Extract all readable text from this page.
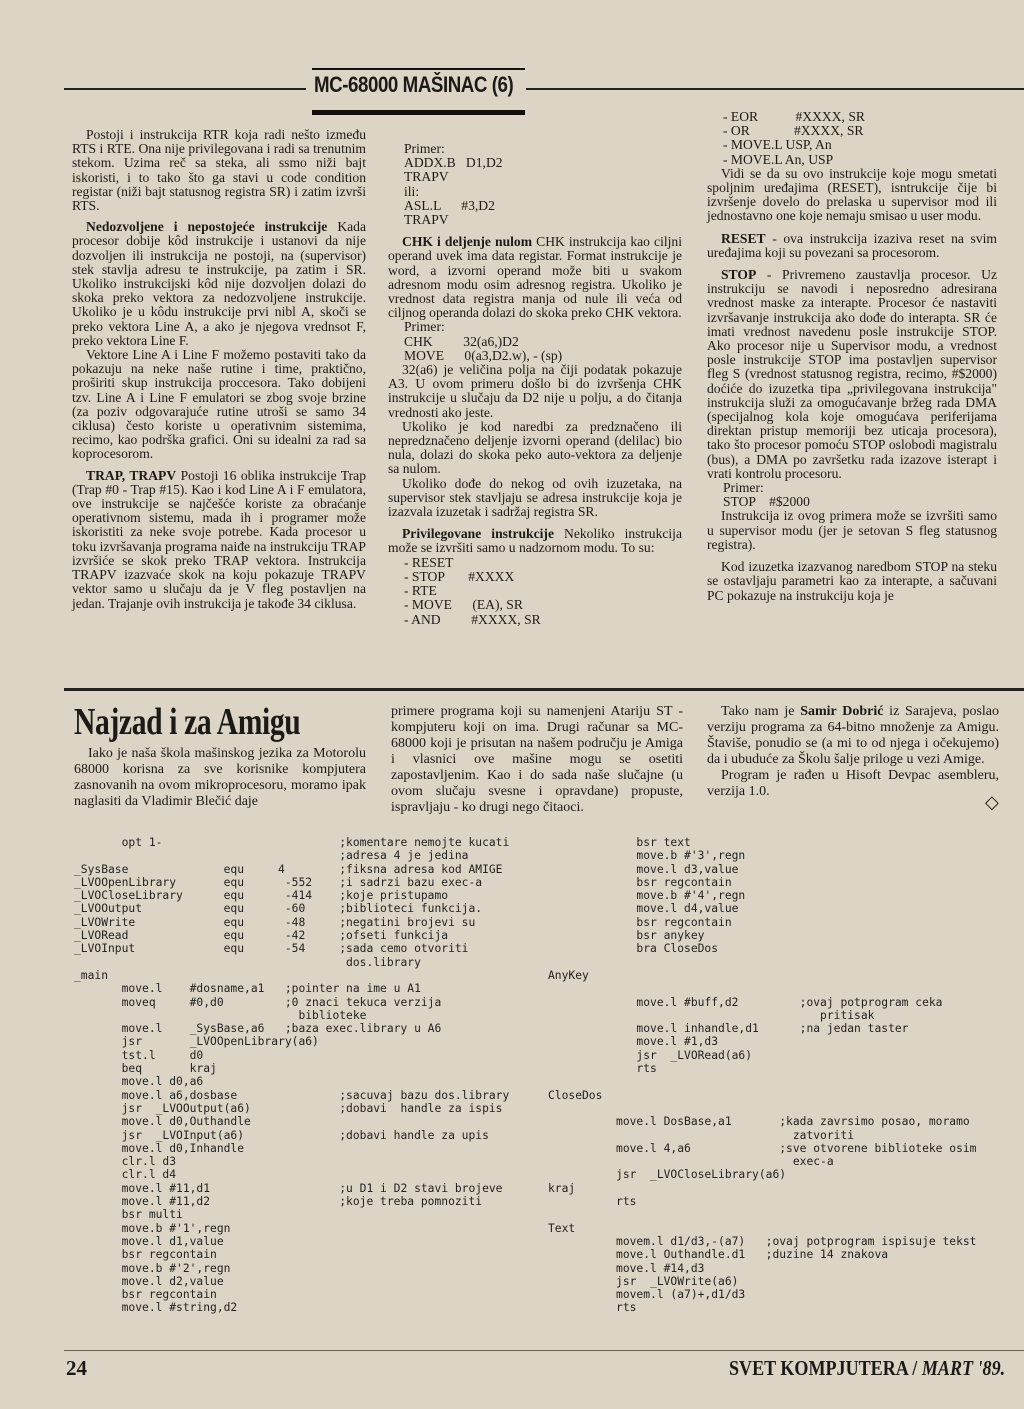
MC-68000 MAŠINAC (6)

Postoji i instrukcija RTR koja radi nešto između RTS i RTE. Ona nije privilegovana i radi sa trenutnim stekom. Uzima reč sa steka, ali ssmo niži bajt iskoristi, i to tako što ga stavi u code condition registar (niži bajt statusnog registra SR) i zatim izvrši RTS.

Nedozvoljene i nepostojeće instrukcije Kada procesor dobije kôd instrukcije i ustanovi da nije dozvoljen ili instrukcija ne postoji, na (supervisor) stek stavlja adresu te instrukcije, pa zatim i SR. Ukoliko instrukcijski kôd nije dozvoljen dolazi do skoka preko vektora za nedozvoljene instrukcije. Ukoliko je u kôdu instrukcije prvi nibl A, skoči se preko vektora Line A, a ako je njegova vrednsot F, preko vektora Line F.

Vektore Line A i Line F možemo postaviti tako da pokazuju na neke naše rutine i time, praktično, proširiti skup instrukcija proccesora. Tako dobijeni tzv. Line A i Line F emulatori se zbog svoje brzine (za poziv odgovarajuće rutine utroši se samo 34 ciklusa) često koriste u operativnim sistemima, recimo, kao podrška grafici. Oni su idealni za rad sa koprocesorom.

TRAP, TRAPV Postoji 16 oblika instrukcije Trap (Trap #0 - Trap #15). Kao i kod Line A i F emulatora, ove instrukcije se najčešće koriste za obraćanje operativnom sistemu, mada ih i programer može iskoristiti za neke svoje potrebe. Kada procesor u toku izvršavanja programa naiđe na instrukciju TRAP izvršiće se skok preko TRAP vektora. Instrukcija TRAPV izazvaće skok na koju pokazuje TRAPV vektor samo u slučaju da je V fleg postavljen na jedan. Trajanje ovih instrukcija je takođe 34 ciklusa.

Primer:
ADDX.B   D1,D2
TRAPV
ili:
ASL.L      #3,D2
TRAPV

CHK i deljenje nulom CHK instrukcija kao ciljni operand uvek ima data registar. Format instrukcije je word, a izvorni operand može biti u svakom adresnom modu osim adresnog registra. Ukoliko je vrednost data registra manja od nule ili veća od ciljnog operanda dolazi do skoka preko CHK vektora.

Primer:
CHK         32(a6,)D2
MOVE      0(a3,D2.w), - (sp)

32(a6) je veličina polja na čiji podatak pokazuje A3. U ovom primeru došlo bi do izvršenja CHK instrukcije u slučaju da D2 nije u polju, a do čitanja vrednosti ako jeste.

Ukoliko je kod naredbi za predznačeno ili nepredznačeno deljenje izvorni operand (delilac) bio nula, dolazi do skoka peko auto-vektora za deljenje sa nulom.

Ukoliko dođe do nekog od ovih izuzetaka, na supervisor stek stavljaju se adresa instrukcije koja je izazvala izuzetak i sadržaj registra SR.

Privilegovane instrukcije Nekoliko instrukcija može se izvršiti samo u nadzornom modu. To su:

- RESET
- STOP       #XXXX
- RTE
- MOVE      (EA), SR
- AND         #XXXX, SR
- EOR           #XXXX, SR
- OR             #XXXX, SR
- MOVE.L USP, An
- MOVE.L An, USP

Vidi se da su ovo instrukcije koje mogu smetati spoljnim uređajima (RESET), isntrukcije čije bi izvršenje dovelo do prelaska u supervisor mod ili jednostavno one koje nemaju smisao u user modu.

RESET - ova instrukcija izaziva reset na svim uređajima koji su povezani sa procesorom.

STOP - Privremeno zaustavlja procesor. Uz instrukciju se navodi i neposredno adresirana vrednost maske za interapte. Procesor će nastaviti izvršavanje instrukcija ako dođe do interapta. SR će imati vrednost navedenu posle instrukcije STOP. Ako procesor nije u Supervisor modu, a vrednost posle instrukcije STOP ima postavljen supervisor fleg S (vrednost statusnog registra, recimo, #$2000) doćiće do izuzetka tipa „privilegovana instrukcija" instrukcija služi za omogućavanje bržeg rada DMA (specijalnog kola koje omogućava periferijama direktan pristup memoriji bez uticaja procesora), tako što procesor pomoću STOP oslobodi magistralu (bus), a DMA po završetku rada izazove isterapt i vrati kontrolu procesoru.

Primer:
STOP    #$2000

Instrukcija iz ovog primera može se izvršiti samo u supervisor modu (jer je setovan S fleg statusnog registra).

Kod izuzetka izazvanog naredbom STOP na steku se ostavljaju parametri kao za interapte, a sačuvani PC pokazuje na instrukciju koja je

Najzad i za Amigu

Iako je naša škola mašinskog jezika za Motorolu 68000 korisna za sve korisnike kompjutera zasnovanih na ovom mikroprocesoru, moramo ipak naglasiti da Vladimir Blečić daje

primere programa koji su namenjeni Atariju ST - kompjuteru koji on ima. Drugi računar sa MC-68000 koji je prisutan na našem području je Amiga i vlasnici ove mašine mogu se osetiti zapostavljenim. Kao i do sada naše slučajne (u ovom slučaju svesne i opravdane) propuste, ispravljaju - ko drugi nego čitaoci.

Tako nam je Samir Dobrić iz Sarajeva, poslao verziju programa za 64-bitno množenje za Amigu. Štaviše, ponudio se (a mi to od njega i očekujemo) da i ubuduće za Školu šalje priloge u vezi Amige.

Program je rađen u Hisoft Devpac asembleru, verzija 1.0.

◇
opt 1-                          ;komentare nemojte kucati
;adresa 4 je jedina
_SysBase              equ     4        ;fiksna adresa kod AMIGE
_LVOOpenLibrary       equ      -552    ;i sadrzi bazu exec-a
_LVOCloseLibrary      equ      -414    ;koje pristupamo
_LVOOutput            equ      -60     ;biblioteci funkcija.
_LVOWrite             equ      -48     ;negatini brojevi su
_LVORead              equ      -42     ;ofseti funkcija
_LVOInput             equ      -54     ;sada cemo otvoriti
dos.library
_main
move.l    #dosname,a1   ;pointer na ime u A1
moveq     #0,d0         ;0 znaci tekuca verzija
biblioteke
move.l    _SysBase,a6   ;baza exec.library u A6
jsr       _LVOOpenLibrary(a6)
tst.l     d0
beq       kraj
move.l d0,a6
move.l a6,dosbase               ;sacuvaj bazu dos.library
jsr  _LVOOutput(a6)             ;dobavi  handle za ispis
move.l d0,Outhandle
jsr  _LVOInput(a6)              ;dobavi handle za upis
move.l d0,Inhandle
clr.l d3
clr.l d4
move.l #11,d1                   ;u D1 i D2 stavi brojeve
move.l #11,d2                   ;koje treba pomnoziti
bsr multi
move.b #'1',regn
move.l d1,value
bsr regcontain
move.b #'2',regn
move.l d2,value
bsr regcontain
move.l #string,d2
bsr text
move.b #'3',regn
move.l d3,value
bsr regcontain
move.b #'4',regn
move.l d4,value
bsr regcontain
bsr anykey
bra CloseDos

AnyKey

move.l #buff,d2         ;ovaj potprogram ceka
pritisak
move.l inhandle,d1      ;na jedan taster
move.l #1,d3
jsr  _LVORead(a6)
rts

CloseDos

move.l DosBase,a1       ;kada zavrsimo posao, moramo
zatvoriti
move.l 4,a6             ;sve otvorene biblioteke osim
exec-a
jsr  _LVOCloseLibrary(a6)
kraj
rts

Text
movem.l d1/d3,-(a7)   ;ovaj potprogram ispisuje tekst
move.l Outhandle.d1   ;duzine 14 znakova
move.l #14,d3
jsr  _LVOWrite(a6)
movem.l (a7)+,d1/d3
rts
24	SVET KOMPJUTERA / MART '89.
